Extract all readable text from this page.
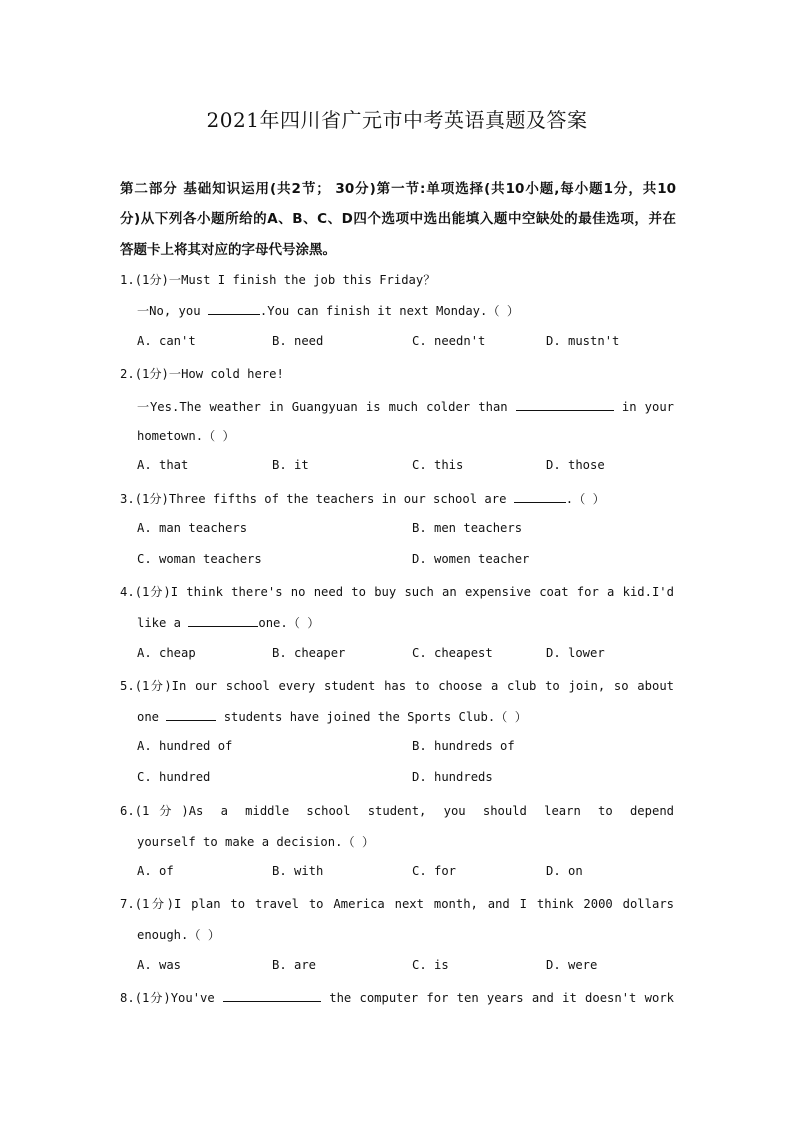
2021年四川省广元市中考英语真题及答案
第二部分 基础知识运用(共2节； 30分)第一节:单项选择(共10小题,每小题1分，共10
分)从下列各小题所给的A、B、C、D四个选项中选出能填入题中空缺处的最佳选项，并在
答题卡上将其对应的字母代号涂黑。
1.(1分)一Must I finish the job this Friday？
一No, you	.You can finish it next Monday.（ ）
A. can't	B. need	C. needn't	D. mustn't
2.(1分)一How cold here!
一Yes.The weather in Guangyuan is much colder than	in your
hometown.（ ）
A. that	B. it	C. this	D. those
3.(1分)Three fifths of the teachers in our school are	.（ ）
A. man teachers	B. men teachers
C. woman teachers	D. women teacher
4.(1分)I think there's no need to buy such an expensive coat for a kid.I'd
like a	one.（ ）
A. cheap	B. cheaper	C. cheapest	D. lower
5.(1分)In our school every student has to choose a club to join, so about
one	students have joined the Sports Club.（ ）
A. hundred of	B. hundreds of
C. hundred	D. hundreds
6.(1分)As a middle school student, you should learn to depend
yourself to make a decision.（ ）
A. of	B. with	C. for	D. on
7.(1分)I plan to travel to America next month, and I think 2000 dollars
enough.（ ）
A. was	B. are	C. is	D. were
8.(1分)You've	the computer for ten years and it doesn't work
